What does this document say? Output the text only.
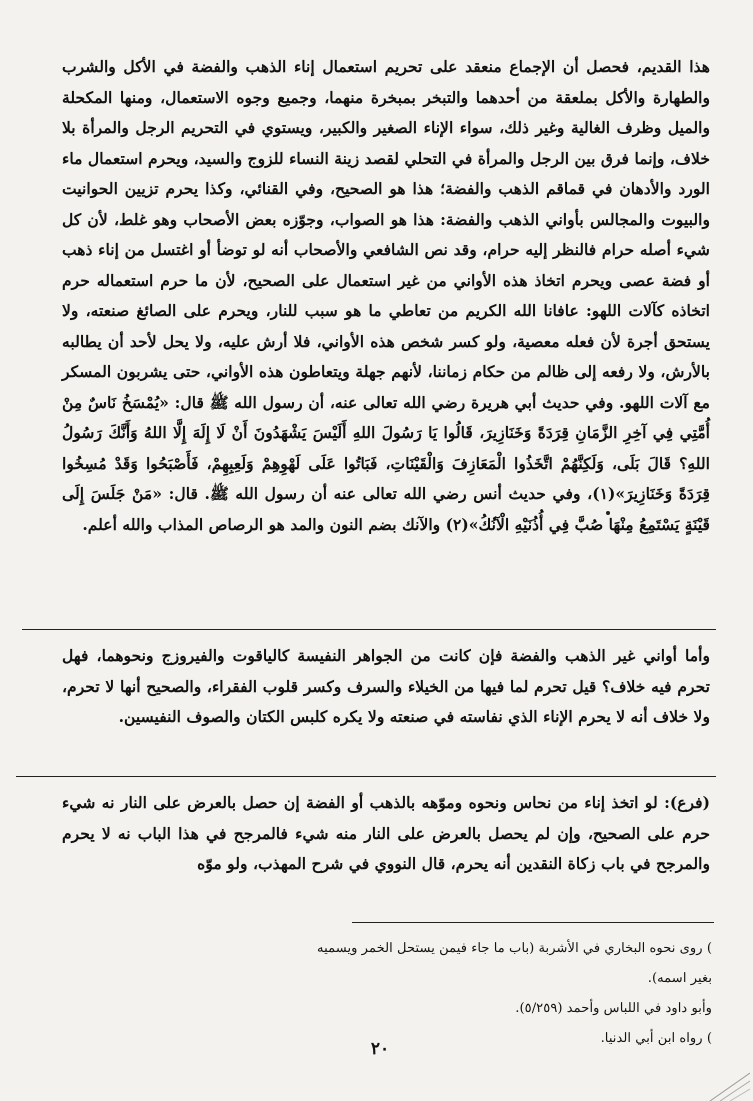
هذا القديم، فحصل أن الإجماع منعقد على تحريم استعمال إناء الذهب والفضة في الأكل والشرب والطهارة والأكل بملعقة من أحدهما والتبخر بمبخرة منهما، وجميع وجوه الاستعمال، ومنها المكحلة والميل وظرف الغالية وغير ذلك، سواء الإناء الصغير والكبير، ويستوي في التحريم الرجل والمرأة بلا خلاف، وإنما فرق بين الرجل والمرأة في التحلي لقصد زينة النساء للزوج والسيد، ويحرم استعمال ماء الورد والأدهان في قماقم الذهب والفضة؛ هذا هو الصحيح، وفي القنائي، وكذا يحرم تزيين الحوانيت والبيوت والمجالس بأواني الذهب والفضة: هذا هو الصواب، وجوّزه بعض الأصحاب وهو غلط، لأن كل شيء أصله حرام فالنظر إليه حرام، وقد نص الشافعي والأصحاب أنه لو توضأ أو اغتسل من إناء ذهب أو فضة عصى ويحرم اتخاذ هذه الأواني من غير استعمال على الصحيح، لأن ما حرم استعماله حرم اتخاذه كآلات اللهو: عافانا الله الكريم من تعاطي ما هو سبب للنار، ويحرم على الصائغ صنعته، ولا يستحق أجرة لأن فعله معصية، ولو كسر شخص هذه الأواني، فلا أرش عليه، ولا يحل لأحد أن يطالبه بالأرش، ولا رفعه إلى ظالم من حكام زماننا، لأنهم جهلة ويتعاطون هذه الأواني، حتى يشربون المسكر مع آلات اللهو. وفي حديث أبي هريرة رضي الله تعالى عنه، أن رسول الله ﷺ قال: «يُمْسَخُ نَاسٌ مِنْ أُمَّتِي فِي آخِرِ الزَّمَانِ قِرَدَةً وَخَنَازِيرَ، قَالُوا يَا رَسُولَ اللهِ أَلَيْسَ يَشْهَدُونَ أَنْ لَا إِلَهَ إِلَّا اللهُ وَأَنَّكَ رَسُولُ اللهِ؟ قَالَ بَلَى، وَلَكِنَّهُمْ اتَّخَذُوا الْمَعَازِفَ وَالْقَيْنَاتِ، فَبَاتُوا عَلَى لَهْوِهِمْ وَلَعِبِهِمْ، فَأَصْبَحُوا وَقَدْ مُسِخُوا قِرَدَةً وَخَنَازِيرَ»(١)، وفي حديث أنس رضي الله تعالى عنه أن رسول الله ﷺ. قال: «مَنْ جَلَسَ إِلَى قَيْنَةٍ يَسْتَمِعُ مِنْهَا صُبَّ فِي أُذُنَيْهِ الْآنُكُ»(٢) والآنك بضم النون والمد هو الرصاص المذاب والله أعلم.

وأما أواني غير الذهب والفضة فإن كانت من الجواهر النفيسة كالياقوت والفيروزج ونحوهما، فهل تحرم فيه خلاف؟ قيل تحرم لما فيها من الخيلاء والسرف وكسر قلوب الفقراء، والصحيح أنها لا تحرم، ولا خلاف أنه لا يحرم الإناء الذي نفاسته في صنعته ولا يكره كلبس الكتان والصوف النفيسين.

(فرع): لو اتخذ إناء من نحاس ونحوه وموّهه بالذهب أو الفضة إن حصل بالعرض على النار نه شيء حرم على الصحيح، وإن لم يحصل بالعرض على النار منه شيء فالمرجح في هذا الباب نه لا يحرم والمرجح في باب زكاة النقدين أنه يحرم، قال النووي في شرح المهذب، ولو موّه

) روى نحوه البخاري في الأشربة (باب ما جاء فيمن يستحل الخمر ويسميه بغير اسمه).

وأبو داود في اللباس وأحمد (٥/٢٥٩).

) رواه ابن أبي الدنيا.

٢٠
